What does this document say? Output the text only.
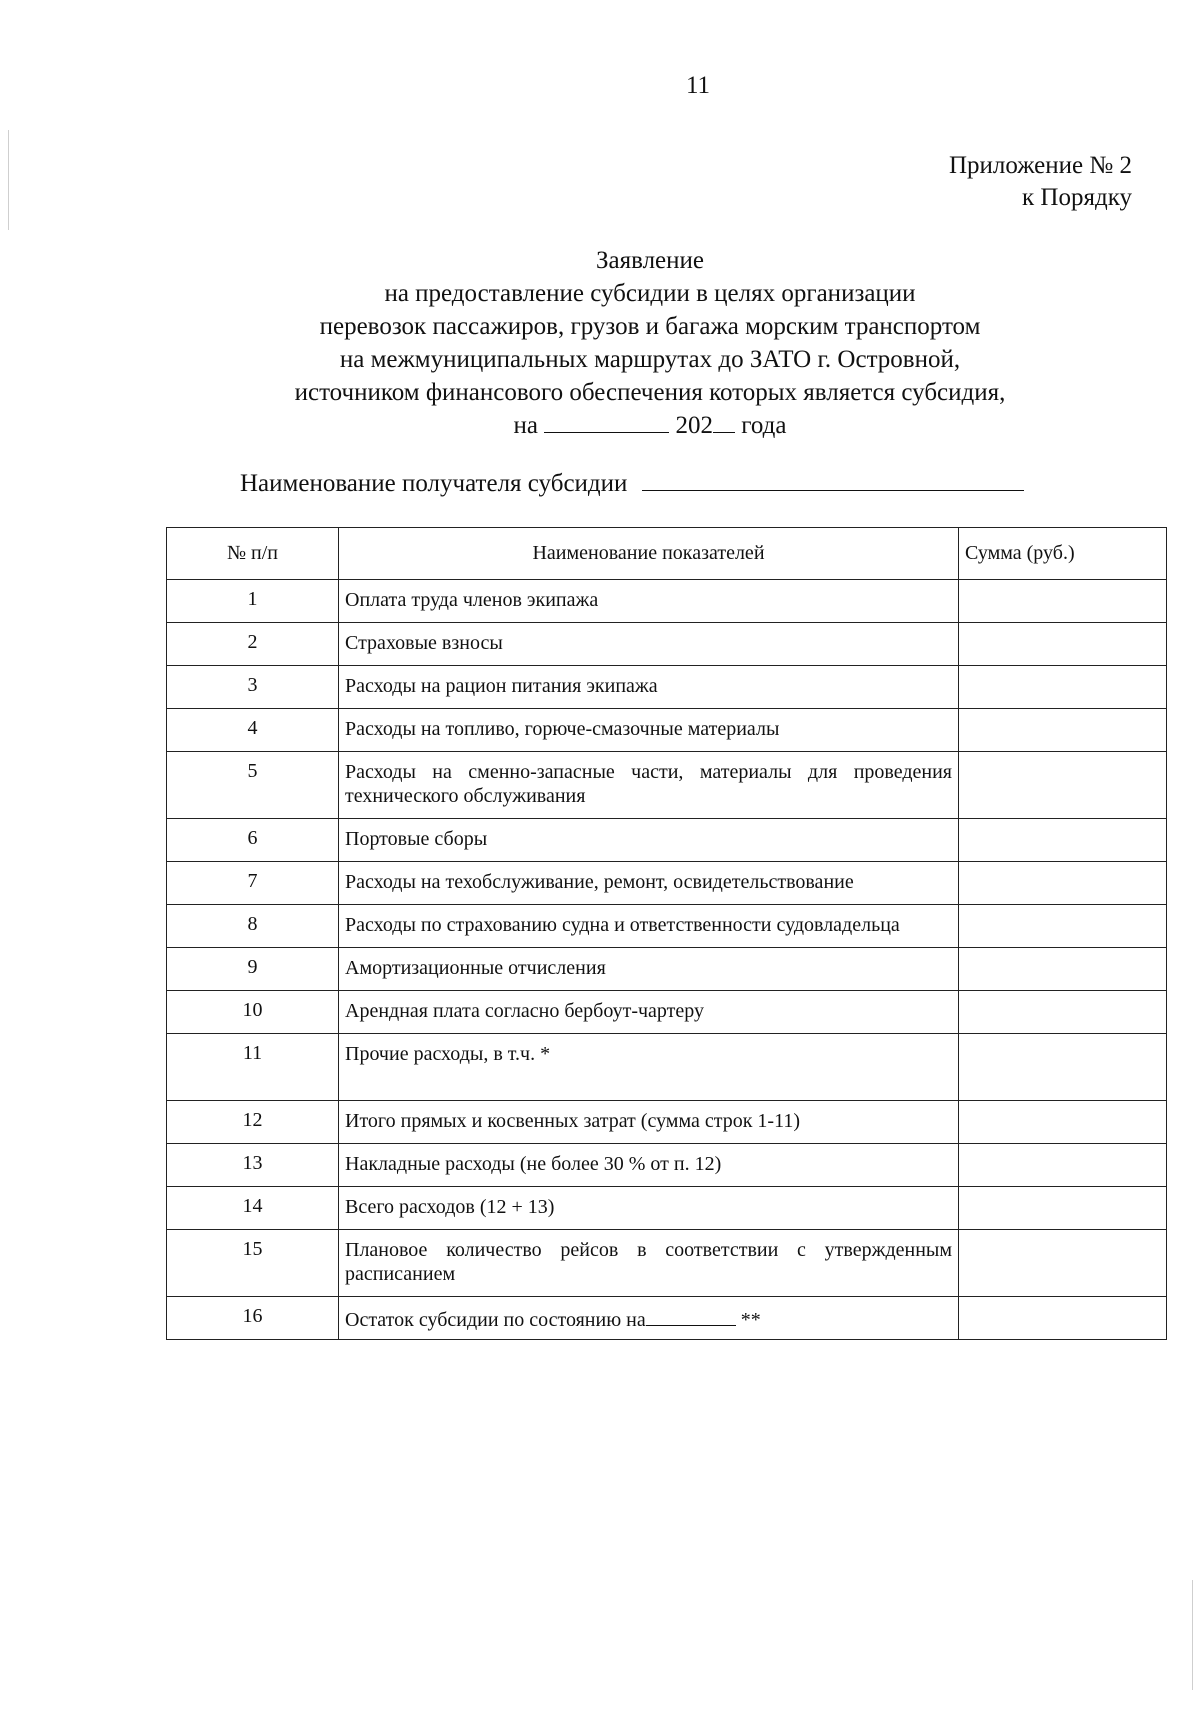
11
Приложение № 2
к Порядку
Заявление
на предоставление субсидии в целях организации
перевозок пассажиров, грузов и багажа морским транспортом
на межмуниципальных маршрутах до ЗАТО г. Островной,
источником финансового обеспечения которых является субсидия,
на	202 года
Наименование получателя субсидии
№ п/п	Наименование показателей	Сумма (руб.)
1	Оплата труда членов экипажа	
2	Страховые взносы	
3	Расходы на рацион питания экипажа	
4	Расходы на топливо, горюче-смазочные материалы	
5	Расходы на сменно-запасные части, материалы для проведения технического обслуживания	
6	Портовые сборы	
7	Расходы на техобслуживание, ремонт, освидетельствование	
8	Расходы по страхованию судна и ответственности судовладельца	
9	Амортизационные отчисления	
10	Арендная плата согласно бербоут-чартеру	
11	Прочие расходы, в т.ч. *	
12	Итого прямых и косвенных затрат (сумма строк 1-11)	
13	Накладные расходы (не более 30 % от п. 12)	
14	Всего расходов (12 + 13)	
15	Плановое количество рейсов в соответствии с утвержденным расписанием	
16	Остаток субсидии по состоянию на **	
